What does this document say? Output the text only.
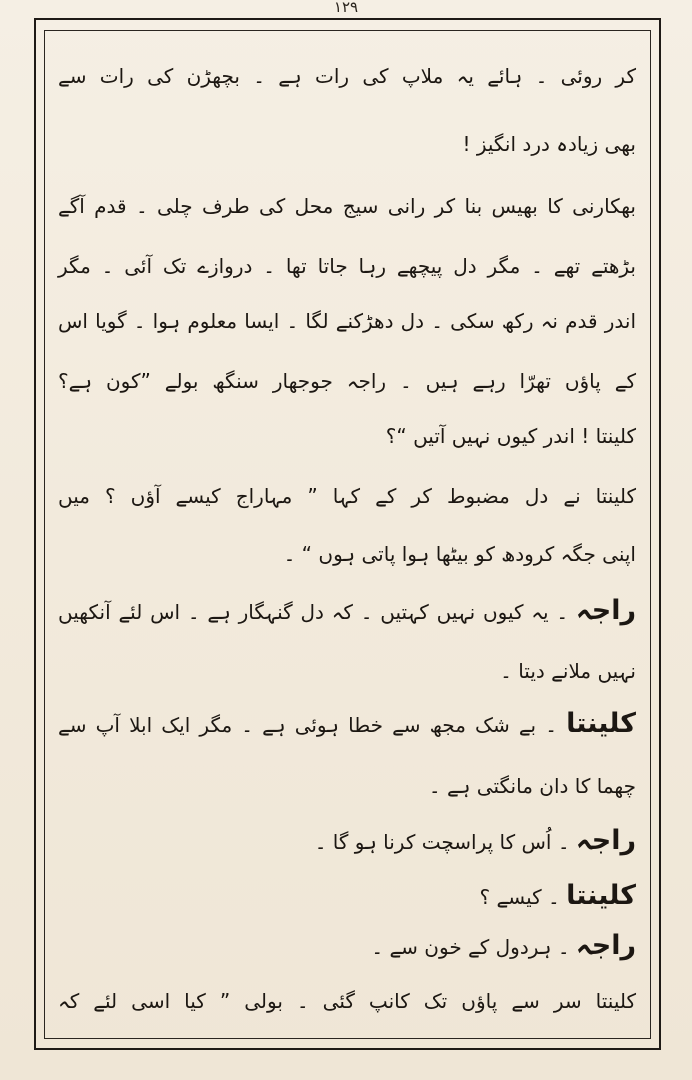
۱۲۹
کر روئی ۔ ہائے یہ ملاپ کی رات ہے ۔ بچھڑن کی رات سے
بھی زیادہ درد انگیز !
بھکارنی کا بھیس بنا کر رانی سیج محل کی طرف چلی ۔ قدم آگے
بڑھتے تھے ۔ مگر دل پیچھے رہا جاتا تھا ۔ دروازے تک آئی ۔ مگر
اندر قدم نہ رکھ سکی ۔ دل دھڑکنے لگا ۔ ایسا معلوم ہوا ۔ گویا اس
کے پاؤں تھرّا رہے ہیں ۔ راجہ جوجھار سنگھ بولے ”کون ہے؟
کلینتا ! اندر کیوں نہیں آتیں “؟
کلینتا نے دل مضبوط کر کے کہا ” مہاراج کیسے آؤں ؟ میں
اپنی جگہ کرودھ کو بیٹھا ہوا پاتی ہوں “ ۔
راجہ ۔ یہ کیوں نہیں کہتیں ۔ کہ دل گنہگار ہے ۔ اس لئے آنکھیں
نہیں ملانے دیتا ۔
کلینتا ۔ بے شک مجھ سے خطا ہوئی ہے ۔ مگر ایک ابلا آپ سے
چھما کا دان مانگتی ہے ۔
راجہ ۔ اُس کا پراسچت کرنا ہو گا ۔
کلینتا ۔ کیسے ؟
راجہ ۔ ہردول کے خون سے ۔
کلینتا سر سے پاؤں تک کانپ گئی ۔ بولی ” کیا اسی لئے کہ
